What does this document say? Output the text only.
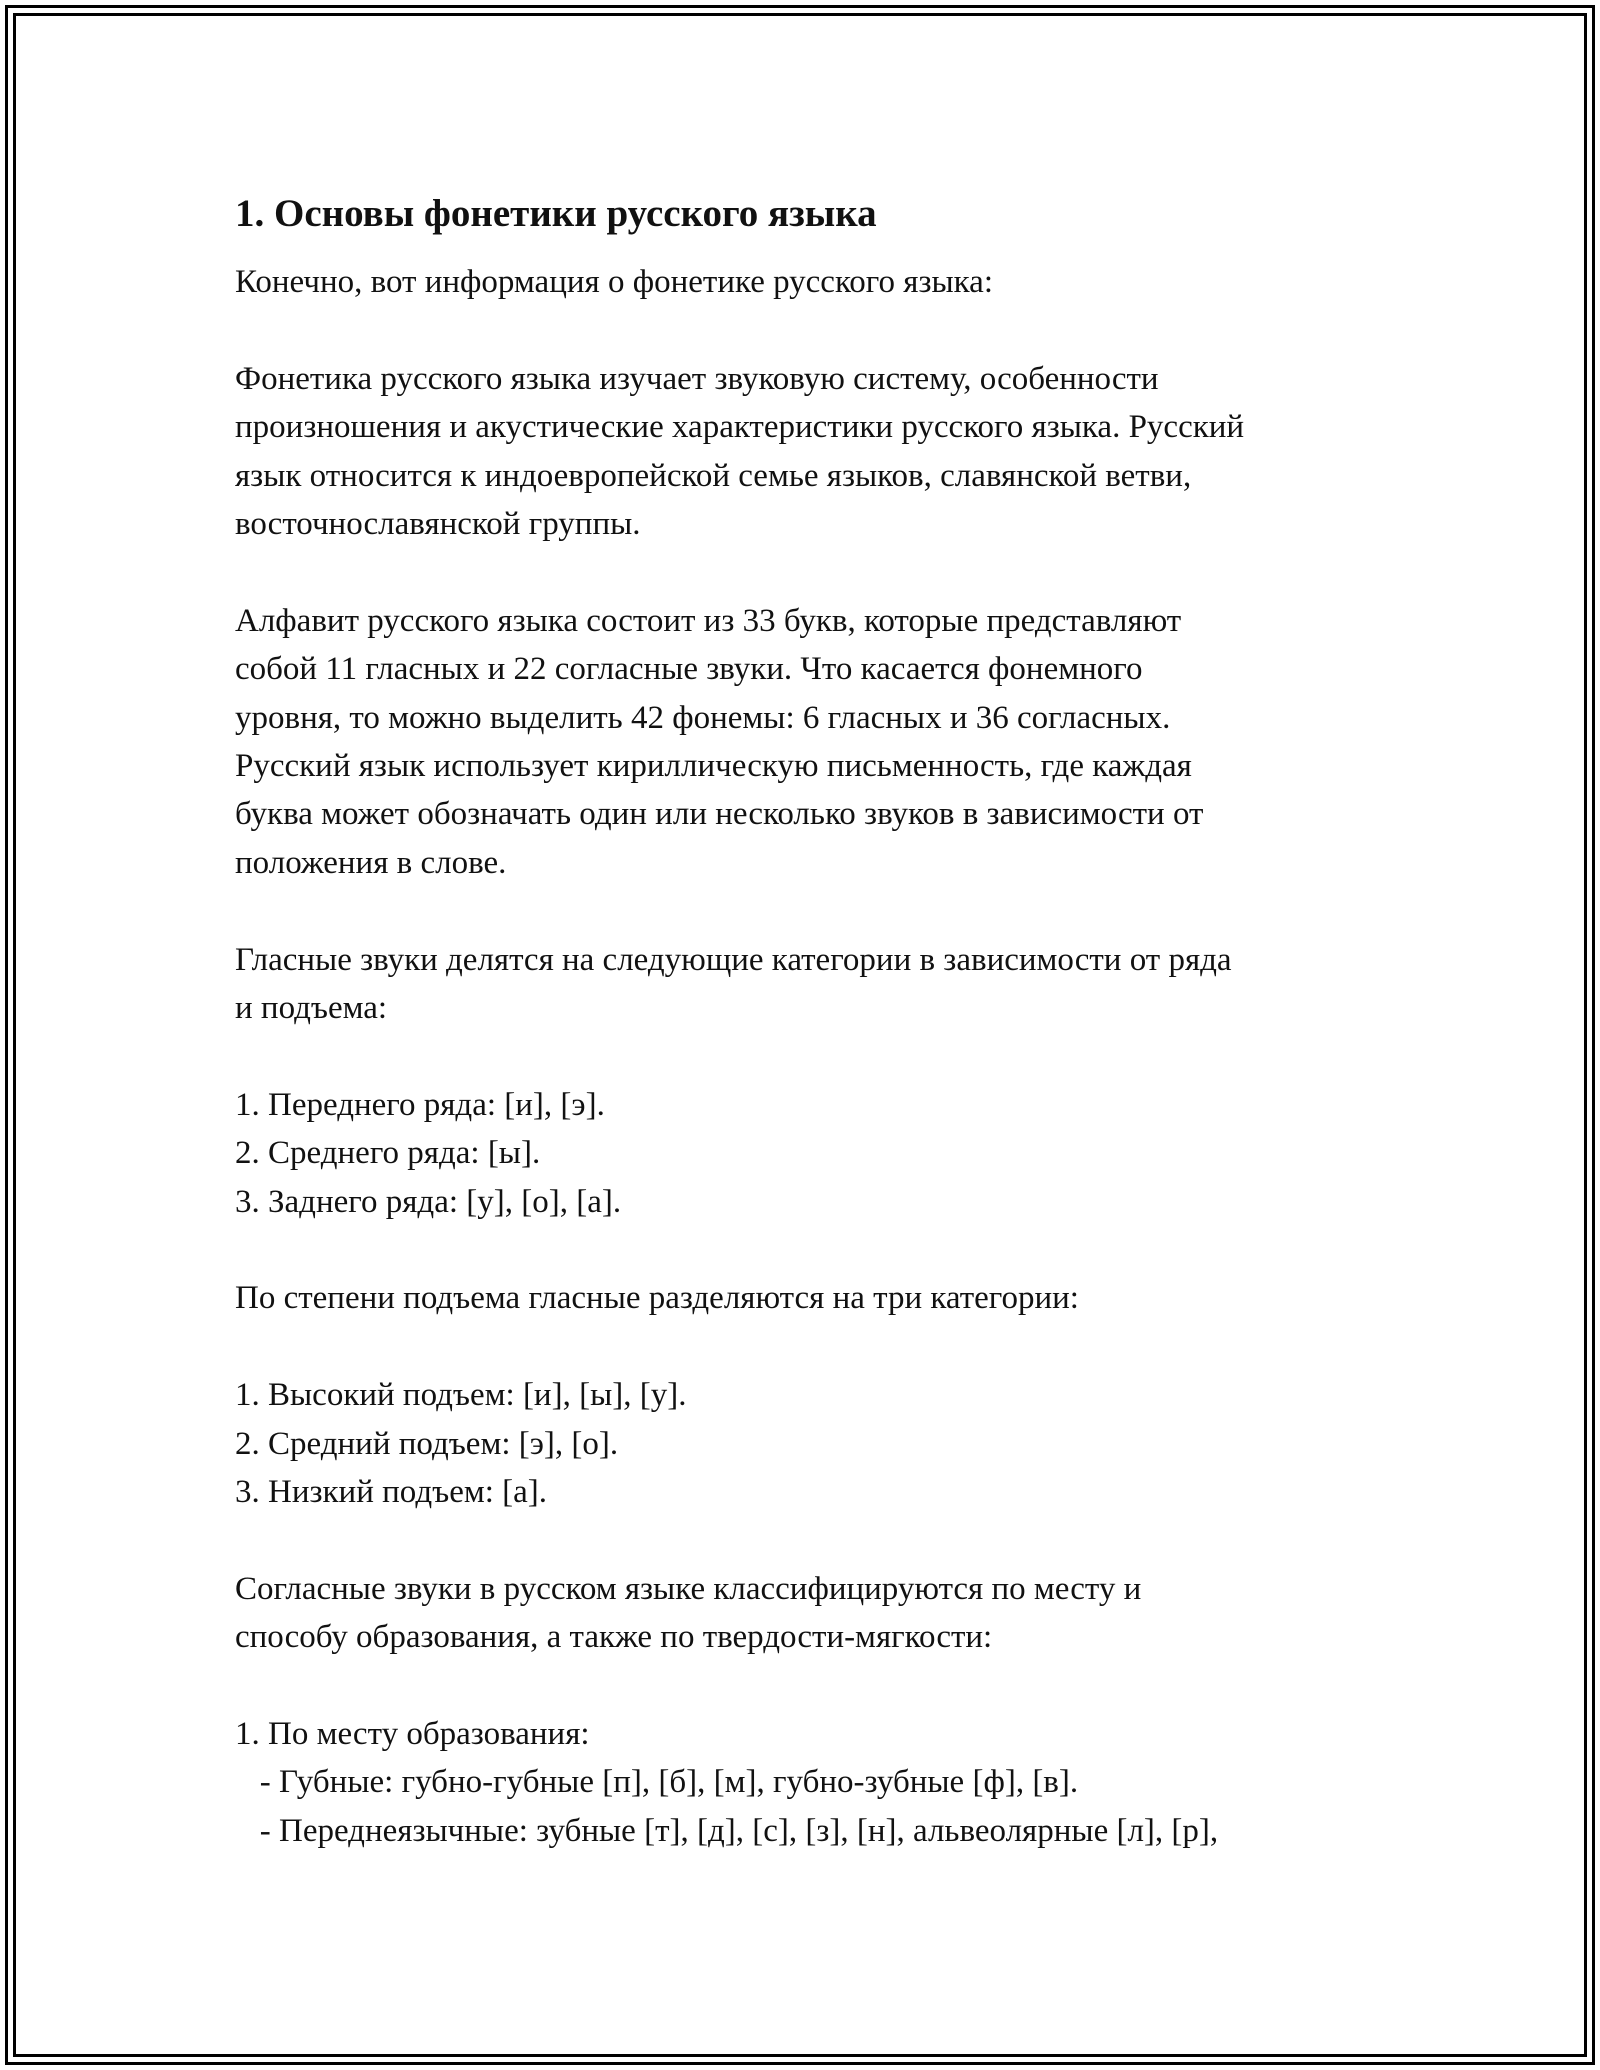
1. Основы фонетики русского языка

Конечно, вот информация о фонетике русского языка:

Фонетика русского языка изучает звуковую систему, особенности

произношения и акустические характеристики русского языка. Русский

язык относится к индоевропейской семье языков, славянской ветви,

восточнославянской группы.

Алфавит русского языка состоит из 33 букв, которые представляют

собой 11 гласных и 22 согласные звуки. Что касается фонемного

уровня, то можно выделить 42 фонемы: 6 гласных и 36 согласных.

Русский язык использует кириллическую письменность, где каждая

буква может обозначать один или несколько звуков в зависимости от

положения в слове.

Гласные звуки делятся на следующие категории в зависимости от ряда

и подъема:

1. Переднего ряда: [и], [э].

2. Среднего ряда: [ы].

3. Заднего ряда: [у], [о], [а].

По степени подъема гласные разделяются на три категории:

1. Высокий подъем: [и], [ы], [у].

2. Средний подъем: [э], [о].

3. Низкий подъем: [а].

Согласные звуки в русском языке классифицируются по месту и

способу образования, а также по твердости-мягкости:

1. По месту образования:

- Губные: губно-губные [п], [б], [м], губно-зубные [ф], [в].

- Переднеязычные: зубные [т], [д], [с], [з], [н], альвеолярные [л], [р],
